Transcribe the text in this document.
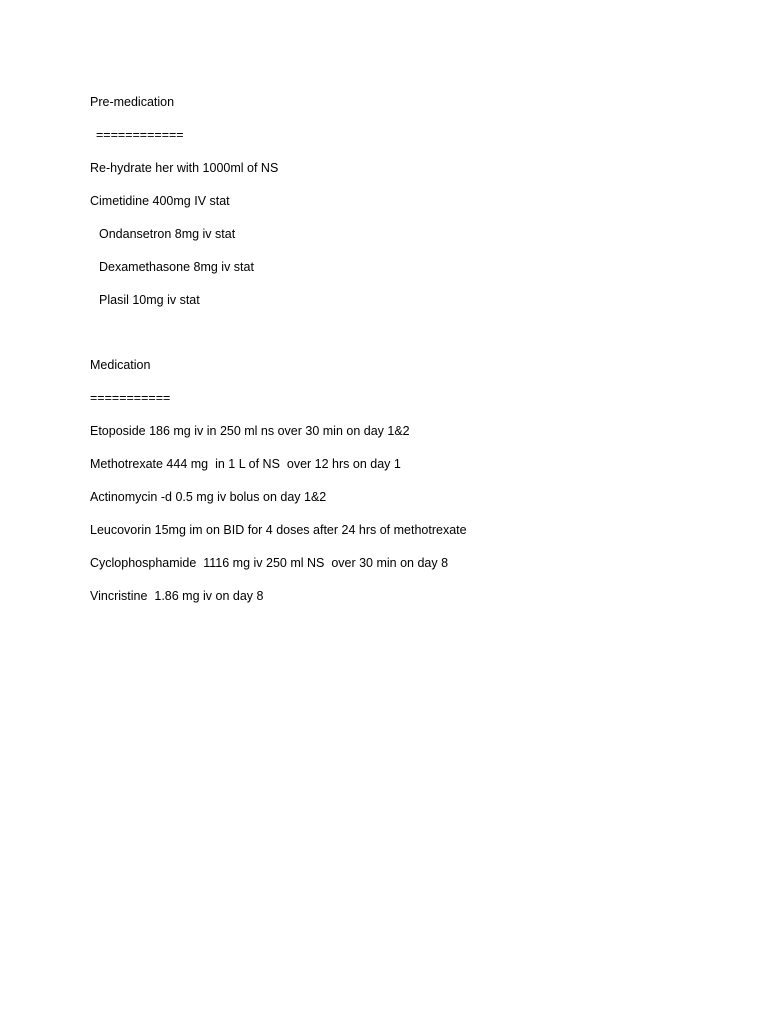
Pre-medication

============

Re-hydrate her with 1000ml of NS

Cimetidine 400mg IV stat

Ondansetron 8mg iv stat

Dexamethasone 8mg iv stat

Plasil 10mg iv stat

Medication

===========

Etoposide 186 mg iv in 250 ml ns over 30 min on day 1&2

Methotrexate 444 mg  in 1 L of NS  over 12 hrs on day 1

Actinomycin -d 0.5 mg iv bolus on day 1&2

Leucovorin 15mg im on BID for 4 doses after 24 hrs of methotrexate

Cyclophosphamide  1116 mg iv 250 ml NS  over 30 min on day 8

Vincristine  1.86 mg iv on day 8
